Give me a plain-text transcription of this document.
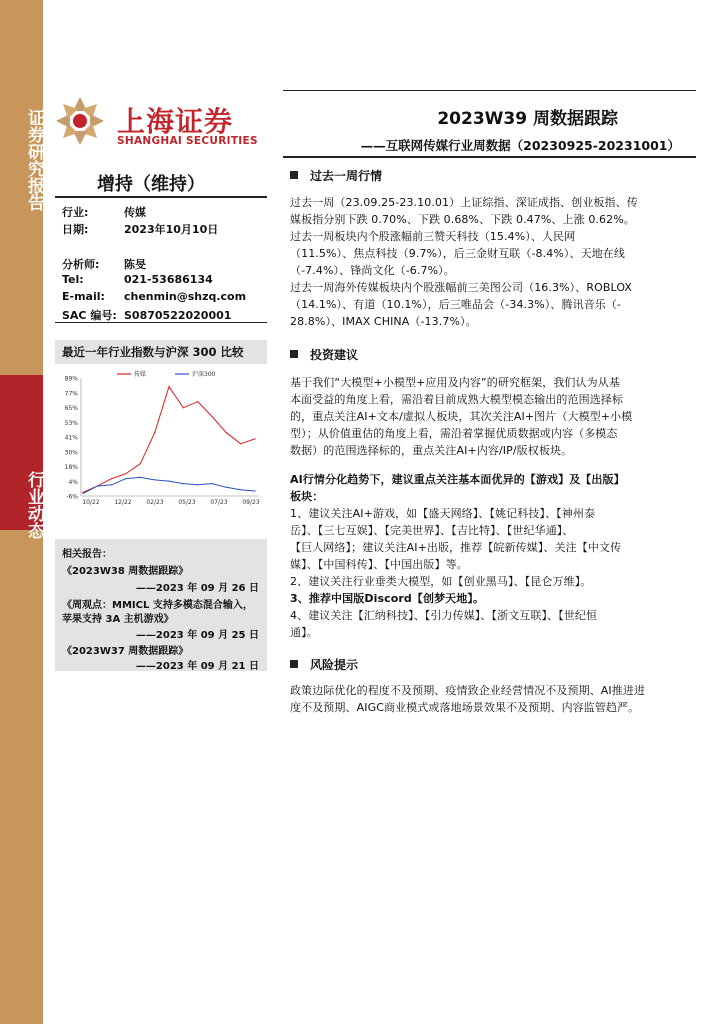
证券研究报告
行业动态
上海证券
SHANGHAI SECURITIES
2023W39 周数据跟踪
——互联网传媒行业周数据（20230925-20231001）
增持（维持）
行业:	传媒
日期:	2023年10月10日
分析师: 陈旻
Tel:	021-53686134
E-mail: chenmin@shzq.com
SAC 编号: S0870522020001
最近一年行业指数与沪深 300 比较
-6%
4%
18%
30%
41%
53%
65%
77%
89%
10/22 12/22 02/23 05/23 07/23 09/23
传媒	沪深300
相关报告：
《2023W38 周数据跟踪》
——2023 年 09 月 26 日
《周观点：MMICL 支持多模态混合输入，
苹果支持 3A 主机游戏》
——2023 年 09 月 25 日
《2023W37 周数据跟踪》
——2023 年 09 月 21 日
过去一周行情
过去一周（23.09.25-23.10.01）上证综指、深证成指、创业板指、传
媒板指分别下跌 0.70%、下跌 0.68%、下跌 0.47%、上涨 0.62%。
过去一周板块内个股涨幅前三赞天科技（15.4%）、人民网
（11.5%）、焦点科技（9.7%），后三金财互联（-8.4%）、天地在线
（-7.4%）、锋尚文化（-6.7%）。
过去一周海外传媒板块内个股涨幅前三美图公司（16.3%）、ROBLOX
（14.1%）、有道（10.1%），后三唯品会（-34.3%）、腾讯音乐（-
28.8%）、IMAX CHINA（-13.7%）。
投资建议
基于我们“大模型+小模型+应用及内容”的研究框架，我们认为从基
本面受益的角度上看，需沿着目前成熟大模型模态输出的范围选择标
的，重点关注AI+文本/虚拟人板块，其次关注AI+图片（大模型+小模
型）；从价值重估的角度上看，需沿着掌握优质数据或内容（多模态
数据）的范围选择标的，重点关注AI+内容/IP/版权板块。
AI行情分化趋势下，建议重点关注基本面优异的【游戏】及【出版】
板块：
1、建议关注AI+游戏，如【盛天网络】、【姚记科技】、【神州泰
岳】、【三七互娱】、【完美世界】、【吉比特】、【世纪华通】、
【巨人网络】；建议关注AI+出版，推荐【皖新传媒】、关注【中文传
媒】、【中国科传】、【中国出版】等。
2、建议关注行业垂类大模型，如【创业黑马】、【昆仑万维】。
3、推荐中国版Discord【创梦天地】。
4、建议关注【汇纳科技】、【引力传媒】、【浙文互联】、【世纪恒
通】。
风险提示
政策边际优化的程度不及预期、疫情致企业经营情况不及预期、AI推进进
度不及预期、AIGC商业模式或落地场景效果不及预期、内容监管趋严。
